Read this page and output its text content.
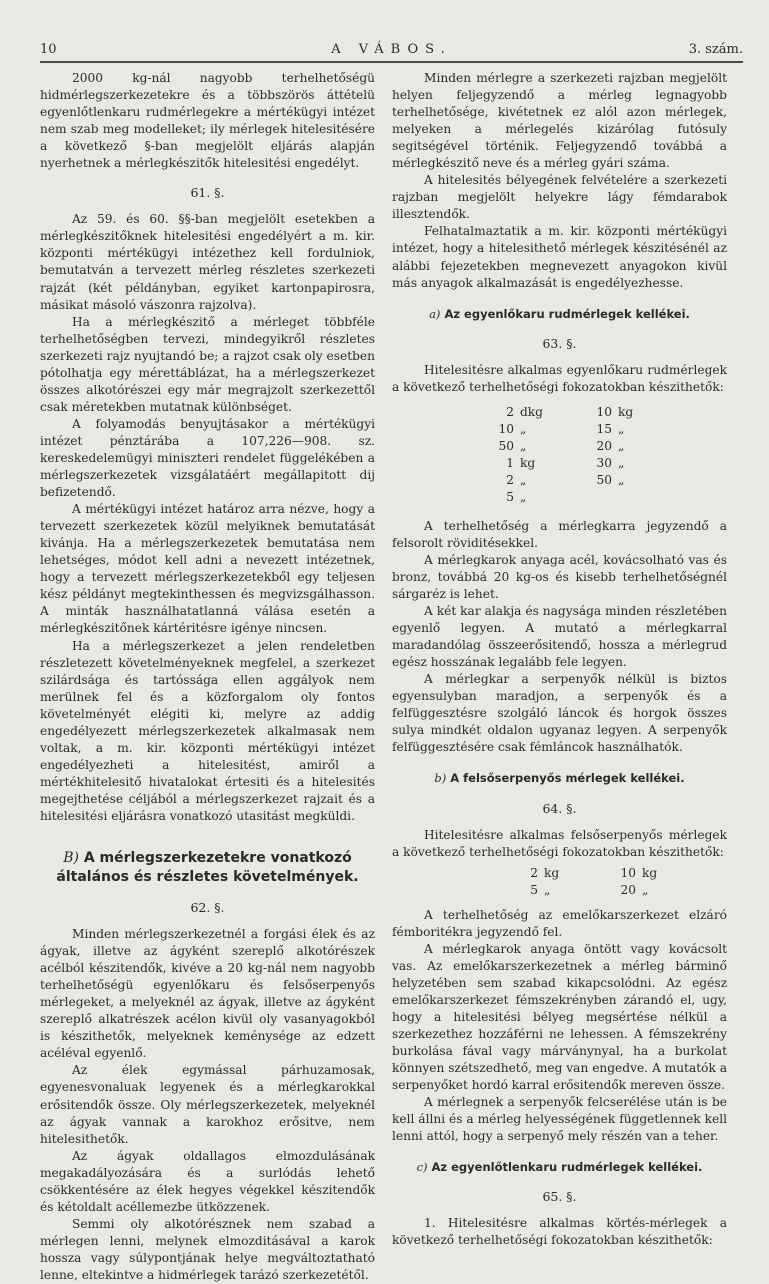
10	A VÁBOS.	3. szám.

2000 kg-nál nagyobb terhelhetőségü hidmérlegszerkezetekre és a többszörös áttételü egyenlőtlenkaru rudmérlegekre a mértékügyi intézet nem szab meg modelleket; ily mérlegek hitelesitésére a következő §-ban megjelölt eljárás alapján nyerhetnek a mérlegkészitők hitelesitési engedélyt.

61. §.

Az 59. és 60. §§-ban megjelölt esetekben a mérlegkészitőknek hitelesitési engedélyért a m. kir. központi mértékügyi intézethez kell fordulniok, bemutatván a tervezett mérleg részletes szerkezeti rajzát (két példányban, egyiket kartonpapirosra, másikat másoló vászonra rajzolva).

Ha a mérlegkészitő a mérleget többféle terhelhetőségben tervezi, mindegyikről részletes szerkezeti rajz nyujtandó be; a rajzot csak oly esetben pótolhatja egy mérettáblázat, ha a mérlegszerkezet összes alkotórészei egy már megrajzolt szerkezettől csak méretekben mutatnak különbséget.

A folyamodás benyujtásakor a mértékügyi intézet pénztárába a 107,226—908. sz. kereskedelemügyi miniszteri rendelet függelékében a mérlegszerkezetek vizsgálatáért megállapitott dij befizetendő.

A mértékügyi intézet határoz arra nézve, hogy a tervezett szerkezetek közül melyiknek bemutatását kivánja. Ha a mérlegszerkezetek bemutatása nem lehetséges, módot kell adni a nevezett intézetnek, hogy a tervezett mérlegszerkezetekből egy teljesen kész példányt megtekinthessen és megvizsgálhasson. A minták használhatatlanná válása esetén a mérlegkészitőnek kártéritésre igénye nincsen.

Ha a mérlegszerkezet a jelen rendeletben részletezett követelményeknek megfelel, a szerkezet szilárdsága és tartóssága ellen aggályok nem merülnek fel és a közforgalom oly fontos követelményét elégiti ki, melyre az addig engedélyezett mérlegszerkezetek alkalmasak nem voltak, a m. kir. központi mértékügyi intézet engedélyezheti a hitelesitést, amiről a mértékhitelesitő hivatalokat értesiti és a hitelesités megejthetése céljából a mérlegszerkezet rajzait és a hitelesitési eljárásra vonatkozó utasitást megküldi.

B) A mérlegszerkezetekre vonatkozó általános és részletes követelmények.
62. §.

Minden mérlegszerkezetnél a forgási élek és az ágyak, illetve az ágyként szereplő alkotórészek acélból készitendők, kivéve a 20 kg-nál nem nagyobb terhelhetőségü egyenlőkaru és felsőserpenyős mérlegeket, a melyeknél az ágyak, illetve az ágyként szereplő alkatrészek acélon kivül oly vasanyagokból is készithetők, melyeknek keménysége az edzett acéléval egyenlő.

Az élek egymással párhuzamosak, egyenesvonaluak legyenek és a mérlegkarokkal erősitendők össze. Oly mérlegszerkezetek, melyeknél az ágyak vannak a karokhoz erősitve, nem hitelesithetők.

Az ágyak oldallagos elmozdulásának megakadályozására és a surlódás lehető csökkentésére az élek hegyes végekkel készitendők és kétoldalt acéllemezbe ütközzenek.

Semmi oly alkotórésznek nem szabad a mérlegen lenni, melynek elmozditásával a karok hossza vagy súlypontjának helye megváltoztatható lenne, eltekintve a hidmérlegek tarázó szerkezetétől.

Minden mérlegre a szerkezeti rajzban megjelölt helyen feljegyzendő a mérleg legnagyobb terhelhetősége, kivétetnek ez alól azon mérlegek, melyeken a mérlegelés kizárólag futósuly segitségével történik. Feljegyzendő továbbá a mérlegkészitő neve és a mérleg gyári száma.

A hitelesités bélyegének felvételére a szerkezeti rajzban megjelölt helyekre lágy fémdarabok illesztendők.

Felhatalmaztatik a m. kir. központi mértékügyi intézet, hogy a hitelesithető mérlegek készitésénél az alábbi fejezetekben megnevezett anyagokon kivül más anyagok alkalmazását is engedélyezhesse.

a) Az egyenlőkaru rudmérlegek kellékei.
63. §.

Hitelesitésre alkalmas egyenlőkaru rudmérlegek a következő terhelhetőségi fokozatokban készithetők:

2	dkg	10	kg
10	„	15	„
50	„	20	„
1	kg	30	„
2	„	50	„
5	„		

A terhelhetőség a mérlegkarra jegyzendő a felsorolt röviditésekkel.

A mérlegkarok anyaga acél, kovácsolható vas és bronz, továbbá 20 kg-os és kisebb terhelhetőségnél sárgaréz is lehet.

A két kar alakja és nagysága minden részletében egyenlő legyen. A mutató a mérlegkarral maradandólag összeerősitendő, hossza a mérlegrud egész hosszának legalább fele legyen.

A mérlegkar a serpenyők nélkül is biztos egyensulyban maradjon, a serpenyők és a felfüggesztésre szolgáló láncok és horgok összes sulya mindkét oldalon ugyanaz legyen. A serpenyők felfüggesztésére csak fémláncok használhatók.

b) A felsőserpenyős mérlegek kellékei.
64. §.

Hitelesitésre alkalmas felsőserpenyős mérlegek a következő terhelhetőségi fokozatokban készithetők:

2	kg	10	kg
5	„	20	„

A terhelhetőség az emelőkarszerkezet elzáró fémboritékra jegyzendő fel.

A mérlegkarok anyaga öntött vagy kovácsolt vas. Az emelőkarszerkezetnek a mérleg bárminő helyzetében sem szabad kikapcsolódni. Az egész emelőkarszerkezet fémszekrényben zárandó el, ugy, hogy a hitelesitési bélyeg megsértése nélkül a szerkezethez hozzáférni ne lehessen. A fémszekrény burkolása fával vagy márványnyal, ha a burkolat könnyen szétszedhető, meg van engedve. A mutatók a serpenyőket hordó karral erősitendők mereven össze.

A mérlegnek a serpenyők felcserélése után is be kell állni és a mérleg helyességének függetlennek kell lenni attól, hogy a serpenyő mely részén van a teher.

c) Az egyenlőtlenkaru rudmérlegek kellékei.
65. §.

1. Hitelesitésre alkalmas körtés-mérlegek a következő terhelhetőségi fokozatokban készithetők:
